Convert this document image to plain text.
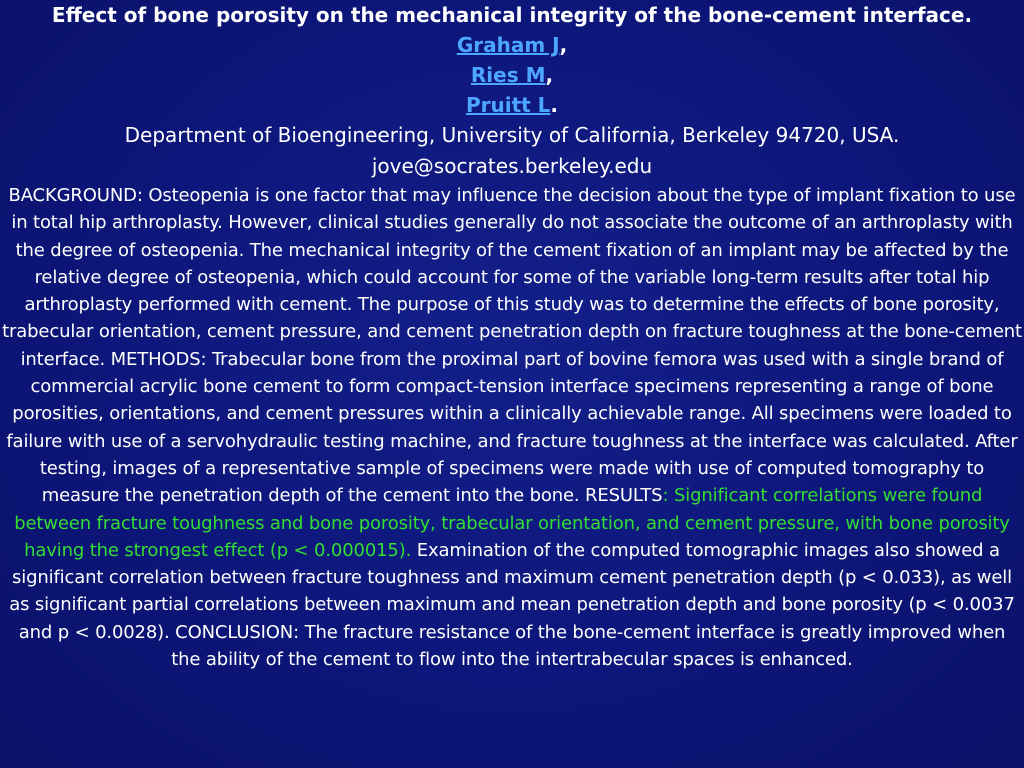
Effect of bone porosity on the mechanical integrity of the bone-cement interface.
Graham J,
Ries M,
Pruitt L.
Department of Bioengineering, University of California, Berkeley 94720, USA.
jove@socrates.berkeley.edu
BACKGROUND: Osteopenia is one factor that may influence the decision about the type of implant fixation to use in total hip arthroplasty. However, clinical studies generally do not associate the outcome of an arthroplasty with the degree of osteopenia. The mechanical integrity of the cement fixation of an implant may be affected by the relative degree of osteopenia, which could account for some of the variable long-term results after total hip arthroplasty performed with cement. The purpose of this study was to determine the effects of bone porosity, trabecular orientation, cement pressure, and cement penetration depth on fracture toughness at the bone-cement interface. METHODS: Trabecular bone from the proximal part of bovine femora was used with a single brand of commercial acrylic bone cement to form compact-tension interface specimens representing a range of bone porosities, orientations, and cement pressures within a clinically achievable range. All specimens were loaded to failure with use of a servohydraulic testing machine, and fracture toughness at the interface was calculated. After testing, images of a representative sample of specimens were made with use of computed tomography to measure the penetration depth of the cement into the bone. RESULTS: Significant correlations were found between fracture toughness and bone porosity, trabecular orientation, and cement pressure, with bone porosity having the strongest effect (p < 0.000015). Examination of the computed tomographic images also showed a significant correlation between fracture toughness and maximum cement penetration depth (p < 0.033), as well as significant partial correlations between maximum and mean penetration depth and bone porosity (p < 0.0037 and p < 0.0028). CONCLUSION: The fracture resistance of the bone-cement interface is greatly improved when the ability of the cement to flow into the intertrabecular spaces is enhanced.
